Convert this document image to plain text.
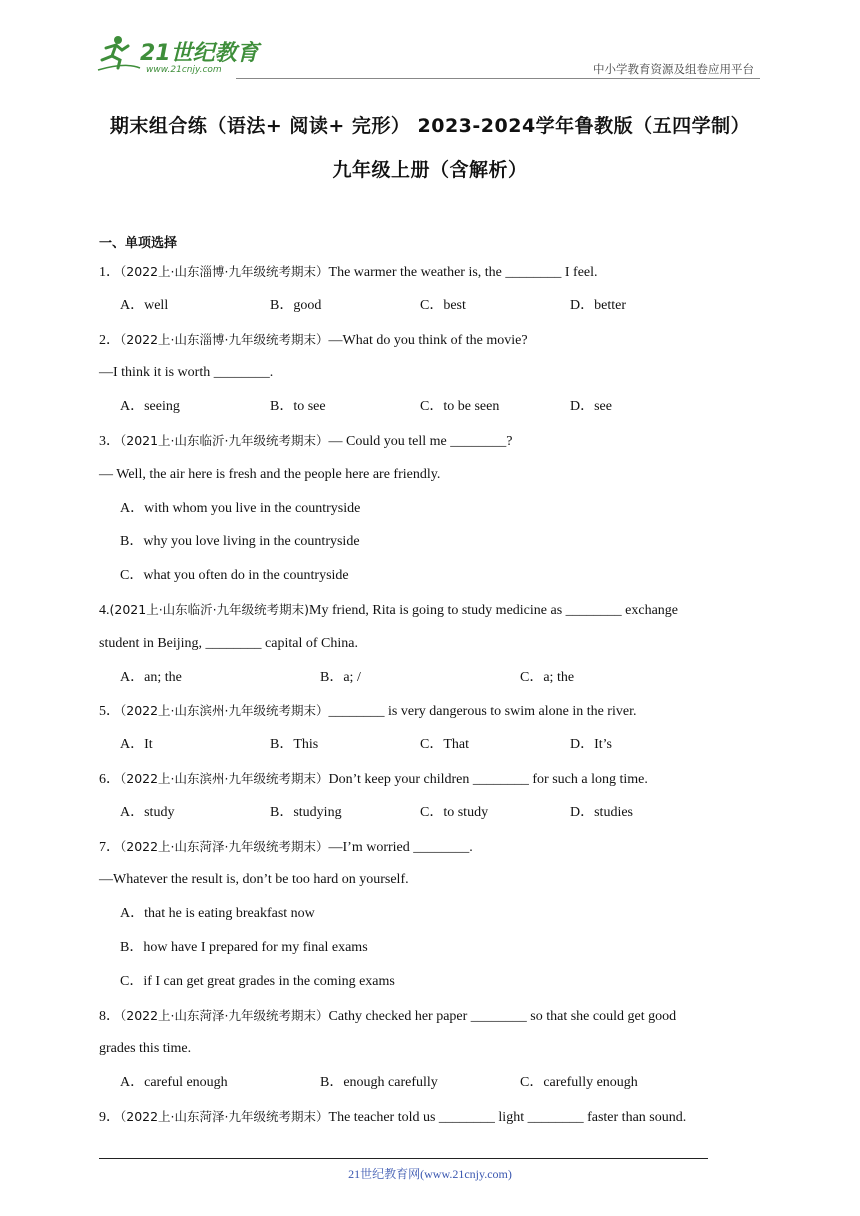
21世纪教育
www.21cnjy.com	中小学教育资源及组卷应用平台
期末组合练（语法+ 阅读+ 完形） 2023-2024学年鲁教版（五四学制）
九年级上册（含解析）
一、单项选择
1．（2022上·山东淄博·九年级统考期末）The warmer the weather is, the ________ I feel.
A．well	B．good	C．best	D．better
2．（2022上·山东淄博·九年级统考期末）—What do you think of the movie?
—I think it is worth ________.
A．seeing	B．to see	C．to be seen	D．see
3．（2021上·山东临沂·九年级统考期末）— Could you tell me ________?
— Well, the air here is fresh and the people here are friendly.
A．with whom you live in the countryside
B．why you love living in the countryside
C．what you often do in the countryside
4.(2021上·山东临沂·九年级统考期末)My friend, Rita is going to study medicine as ________ exchange
student in Beijing, ________ capital of China.
A．an; the	B．a; /	C．a; the
5．（2022上·山东滨州·九年级统考期末）________ is very dangerous to swim alone in the river.
A．It	B．This	C．That	D．It’s
6．（2022上·山东滨州·九年级统考期末）Don’t keep your children ________ for such a long time.
A．study	B．studying	C．to study	D．studies
7．（2022上·山东菏泽·九年级统考期末）—I’m worried ________.
—Whatever the result is, don’t be too hard on yourself.
A．that he is eating breakfast now
B．how have I prepared for my final exams
C．if I can get great grades in the coming exams
8．（2022上·山东菏泽·九年级统考期末）Cathy checked her paper ________ so that she could get good
grades this time.
A．careful enough	B．enough carefully	C．carefully enough
9．（2022上·山东菏泽·九年级统考期末）The teacher told us ________ light ________ faster than sound.
21世纪教育网(www.21cnjy.com)
